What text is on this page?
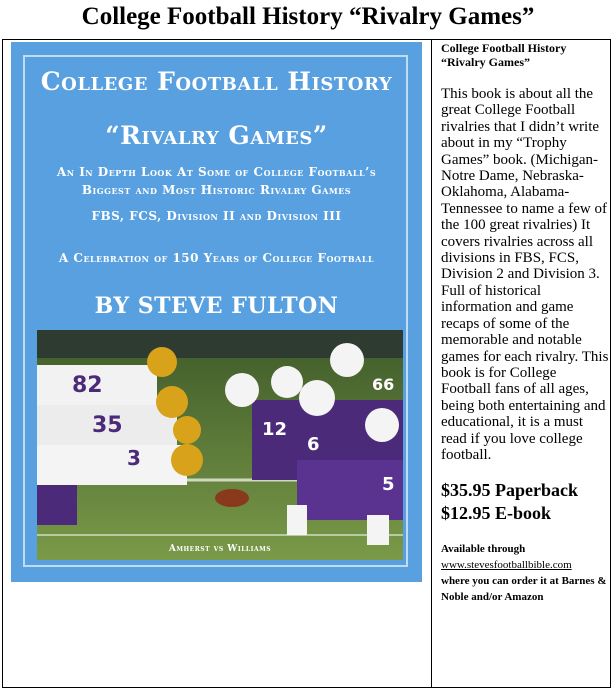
College Football History “Rivalry Games”
College Football History
“Rivalry Games”
An In Depth Look At Some of College Football’s
Biggest and Most Historic Rivalry Games
FBS, FCS, Division II and Division III
A Celebration of 150 Years of College Football
BY STEVE FULTON
82
35
3
12
6
66
5
Amherst vs Williams
College Football History
“Rivalry Games”
This book is about all the great College Football rivalries that I didn’t write about in my “Trophy Games” book. (Michigan-Notre Dame, Nebraska-Oklahoma, Alabama-Tennessee to name a few of the 100 great rivalries) It covers rivalries across all divisions in FBS, FCS, Division 2 and Division 3. Full of historical information and game recaps of some of the memorable and notable games for each rivalry. This book is for College Football fans of all ages, being both entertaining and educational, it is a must read if you love college football.
$35.95 Paperback
$12.95 E-book
Available through
www.stevesfootballbible.com
where you can order it at Barnes & Noble and/or Amazon
